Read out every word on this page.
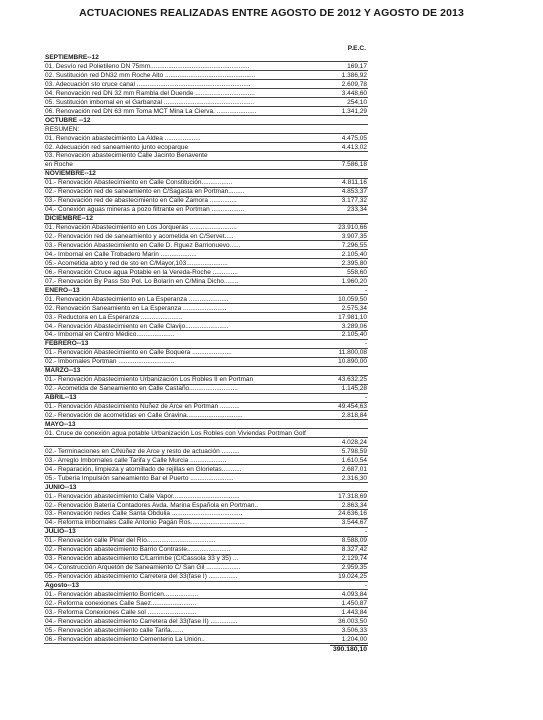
ACTUACIONES REALIZADAS ENTRE AGOSTO DE 2012 Y AGOSTO DE 2013
P.E.C.
SEPTIEMBRE--12
01. Desvío red Polietileno DN 75mm.......................................................	169,17
02. Sustitución red DN32 mm Roche Alto ..................................................	1.386,92
03. Adecuación sto cruce canal ...............................................................	2.609,78
04. Renovación red DN 32 mm Rambla del Duende .................................	3.448,60
05. Sustitución imbornal en el Garbanzal ..................................................	254,10
06. Renovación red DN 63 mm Toma MCT Mina La Cierva. ......................	1.341,29
OCTUBRE --12
RESUMEN:
01. Renovación abastecimiento La Aldea ....................	4.475,05
02. Adecuación red saneamiento junto ecoparque	4.413,02
03. Renovación abastecimiento Calle Jacinto Benavente
en Roche	7.586,18
NOVIEMBRE--12
01.- Renovación Abastecimiento en Calle Constitución.................	4.811,16
02.- Renovación red de saneamiento en C/Sagasta en Portman.........	4.853,37
03.- Renovación red de abastecimiento en Calle Zamora ...............	3.177,32
04.- Conexión aguas mineras a pozo filtrante en Portman ..................	233,34
DICIEMBRE--12
01. Renovación Abastecimiento en Los Jorqueras ..........................	23.910,66
02.- Renovación red de saneamiento y acometida en C/Servet.....	3.907,35
03.- Renovación Abastecimiento en Calle D. Rguez Barrionuevo......	7.296,55
04.- Imbornal en Calle Trobadero Marín ....................	2.105,40
05.- Acometida abto y red de sto en C/Mayor,103.......................	2.395,80
06.- Renovación Cruce agua Potable en la Vereda-Roche ..............	558,60
07.- Renovación By Pass Sto Pol. Lo Bolarín en C/Mina Dicho........	1.960,20
ENERO--13	-
01. Renovación Abastecimiento en La Esperanza ......................	10.059,50
02. Renovación Saneamiento en La Esperanza ........................	2.575,34
03.- Reductora en La Esperanza .......................	17.981,10
04.- Renovación Abastecimiento en Calle Clavijo........................	3.289,06
04.- Imbornal en Centro Médico.....................	2.105,40
FEBRERO--13	-
01.- Renovación Abastecimiento en Calle Boquera ......................	11.800,08
02.- Imbornales Portman ...............................	10.890,00
MARZO--13
01.- Renovación Abastecimiento Urbanización Los Robles II en Portman	43.632,25
02.- Acometida de Saneamiento en Calle Castaño...........................	1.145,28
ABRIL--13	-
01.- Renovación Abastecimiento Nuñez de Arce en Portman ...........	49.454,63
02.- Renovación de acometidas en Calle Gravina...............................	2.818,84
MAYO--13
01. Cruce de conexión agua potable Urbanización Los Robles con Viviendas Portman Golf
4.028,24
02.- Terminaciones en C/Núñez de Arce y resto de actuación ..........	5.798,59
03.- Arreglo Imbornales calle Tarifa y Calle Murcia ....................	1.610,54
04.- Reparación, limpieza y atornillado de rejillas en Glorietas...........	2.687,01
05.- Tubería Impulsión saneamiento Bar el Puerto ........................	2.316,30
JUNIO--13
01.- Renovación abastecimiento Calle Vapor.....................................	17.318,69
02.- Renovación Batería Contadores Avda. Marina Española en Portman..	2.863,34
03.- Renovación redes Calle Santa Obdulia .......................................	24.636,16
04.- Reforma imbornales Calle Antonio Pagán Ros..............................	3.544,67
JULIO--13	-
01.- Renovación calle Pinar del Río......................................	8.588,09
02.- Renovación abastecimiento Barrio Contraste........................	8.327,42
03.- Renovación abastecimiento C/Larrimbe (C/Cassola 33 y 35) ...	2.129,74
04.- Construcción Arquetón de Saneamiento C/ San Gil ...................	2.959,35
05.- Renovación abastecimiento Carretera del 33(fase I) ................	19.024,25
Agosto--13	-
01.- Renovación abastecimiento Borricen...................	4.093,84
02.- Reforma conexiones Calle Saez.........................	1.450,87
03.- Reforma Conexiones Calle sol ...........................	1.443,84
04.- Renovación abastecimiento Carretera del 33(fase II) ...............	36.003,50
05.- Renovación abastecimiento calle Tarifa.......	3.506,33
06.- Renovación abastecimiento Cementerio La Unión..	1.204,00
390.180,10
